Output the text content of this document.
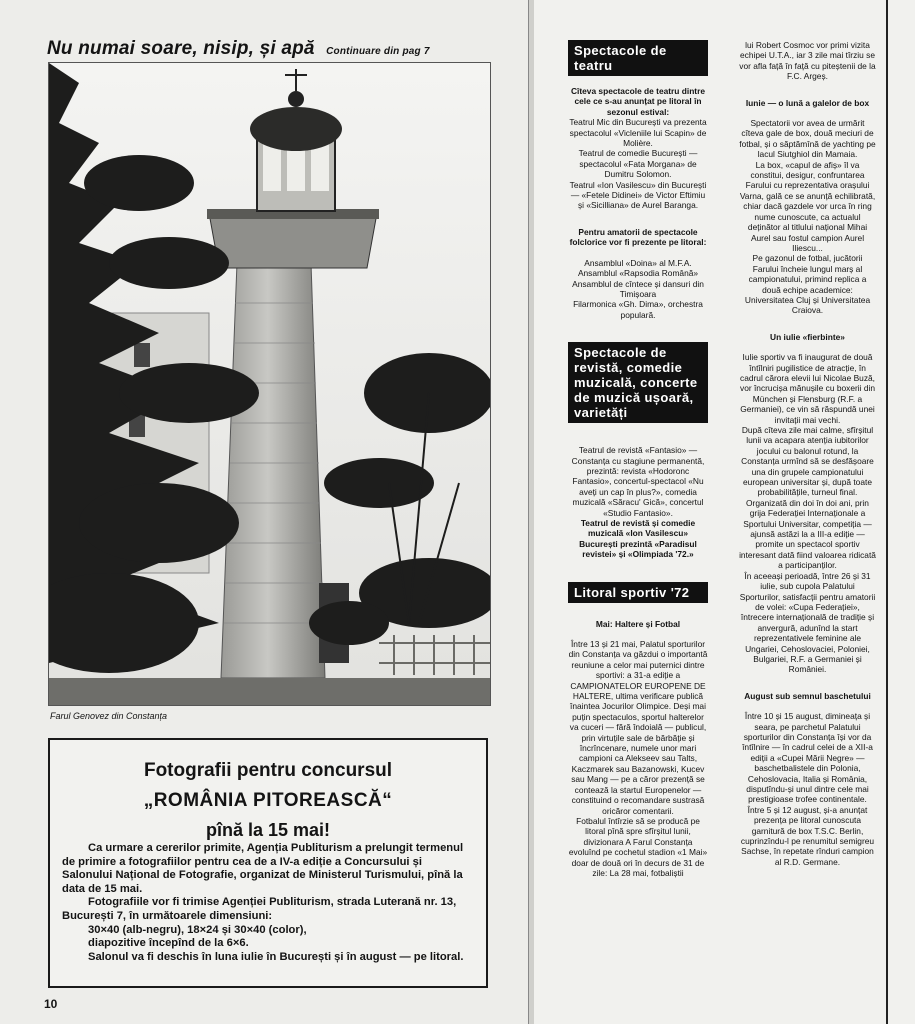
Nu numai soare, nisip, și apă Continuare din pag 7
Farul Genovez din Constanța
Fotografii pentru concursul
„ROMÂNIA PITOREASCĂ“
pînă la 15 mai!

Ca urmare a cererilor primite, Agenția Publiturism a prelungit termenul de primire a fotografiilor pentru cea de a IV-a ediție a Concursului și Salonului Național de Fotografie, organizat de Ministerul Turismului, pînă la data de 15 mai.

Fotografiile vor fi trimise Agenției Publiturism, strada Luterană nr. 13, București 7, în următoarele dimensiuni:

30×40 (alb-negru), 18×24 și 30×40 (color),
diapozitive începînd de la 6×6.

Salonul va fi deschis în luna iulie în București și în august — pe litoral.

10
Spectacole de teatru

Cîteva spectacole de teatru dintre cele ce s-au anunțat pe litoral în sezonul estival:

Teatrul Mic din București va prezenta spectacolul «Vicleniile lui Scapin» de Molière.

Teatrul de comedie București — spectacolul «Fata Morgana» de Dumitru Solomon.

Teatrul «Ion Vasilescu» din București — «Fetele Didinei» de Victor Eftimiu și «Sicilliana» de Aurel Baranga.

Pentru amatorii de spectacole folclorice vor fi prezente pe litoral:

Ansamblul «Doina» al M.F.A.

Ansamblul «Rapsodia Română»

Ansamblul de cîntece și dansuri din Timișoara

Filarmonica «Gh. Dima», orchestra populară.

Spectacole de revistă, comedie muzicală, concerte de muzică ușoară, varietăți

Teatrul de revistă «Fantasio» — Constanța cu stagiune permanentă, prezintă: revista «Hodoronc Fantasio», concertul-spectacol «Nu aveți un cap în plus?», comedia muzicală «Săracu' Gică», concertul «Studio Fantasio».

Teatrul de revistă și comedie muzicală «Ion Vasilescu» București prezintă «Paradisul revistei» și «Olimpiada '72.»

Litoral sportiv '72

Mai: Haltere și Fotbal

Între 13 și 21 mai, Palatul sporturilor din Constanța va găzdui o importantă reuniune a celor mai puternici dintre sportivi: a 31-a ediție a CAMPIONATELOR EUROPENE DE HALTERE, ultima verificare publică înaintea Jocurilor Olimpice. Deși mai puțin spectaculos, sportul halterelor va cuceri — fără îndoială — publicul, prin virtuțile sale de bărbăție și încrîncenare, numele unor mari campioni ca Alekseev sau Talts, Kaczmarek sau Bazanowski, Kucev sau Mang — pe a căror prezență se contează la startul Europenelor — constituind o recomandare sustrasă oricăror comentarii.

Fotbalul întîrzie să se producă pe litoral pînă spre sfîrșitul lunii, divizionara A Farul Constanța evoluînd pe cochetul stadion «1 Mai» doar de două ori în decurs de 31 de zile: La 28 mai, fotbaliștii

lui Robert Cosmoc vor primi vizita echipei U.T.A., iar 3 zile mai tîrziu se vor afla față în față cu piteștenii de la F.C. Argeș.

Iunie — o lună a galelor de box

Spectatorii vor avea de urmărit cîteva gale de box, două meciuri de fotbal, și o săptămînă de yachting pe lacul Siutghiol din Mamaia.

La box, «capul de afiș» îl va constitui, desigur, confruntarea Farului cu reprezentativa orașului Varna, gală ce se anunță echilibrată, chiar dacă gazdele vor urca în ring nume cunoscute, ca actualul deținător al titlului național Mihai Aurel sau fostul campion Aurel Iliescu...

Pe gazonul de fotbal, jucătorii Farului încheie lungul marș al campionatului, primind replica a două echipe academice: Universitatea Cluj și Universitatea Craiova.

Un iulie «fierbinte»

Iulie sportiv va fi inaugurat de două întîlniri pugilistice de atracție, în cadrul cărora elevii lui Nicolae Buză, vor încrucișa mănușile cu boxerii din München și Flensburg (R.F. a Germaniei), ce vin să răspundă unei invitații mai vechi.

După cîteva zile mai calme, sfîrșitul lunii va acapara atenția iubitorilor jocului cu balonul rotund, la Constanța urmînd să se desfășoare una din grupele campionatului european universitar și, după toate probabilitățile, turneul final. Organizată din doi în doi ani, prin grija Federației Internaționale a Sportului Universitar, competiția — ajunsă astăzi la a III-a ediție — promite un spectacol sportiv interesant dată fiind valoarea ridicată a participanților.

În aceeași perioadă, între 26 și 31 iulie, sub cupola Palatului Sporturilor, satisfacții pentru amatorii de volei: «Cupa Federației», întrecere internațională de tradiție și anvergură, adunînd la start reprezentativele feminine ale Ungariei, Cehoslovaciei, Poloniei, Bulgariei, R.F. a Germaniei și României.

August sub semnul baschetului

Între 10 și 15 august, dimineața și seara, pe parchetul Palatului sporturilor din Constanța își vor da întîlnire — în cadrul celei de a XII-a ediții a «Cupei Mării Negre» — baschetbalistele din Polonia, Cehoslovacia, Italia și România, disputîndu-și unul dintre cele mai prestigioase trofee continentale.

Între 5 și 12 august, și-a anunțat prezența pe litoral cunoscuta garnitură de box T.S.C. Berlin, cuprinzîndu-l pe renumitul semigreu Sachse, în repetate rînduri campion al R.D. Germane.
